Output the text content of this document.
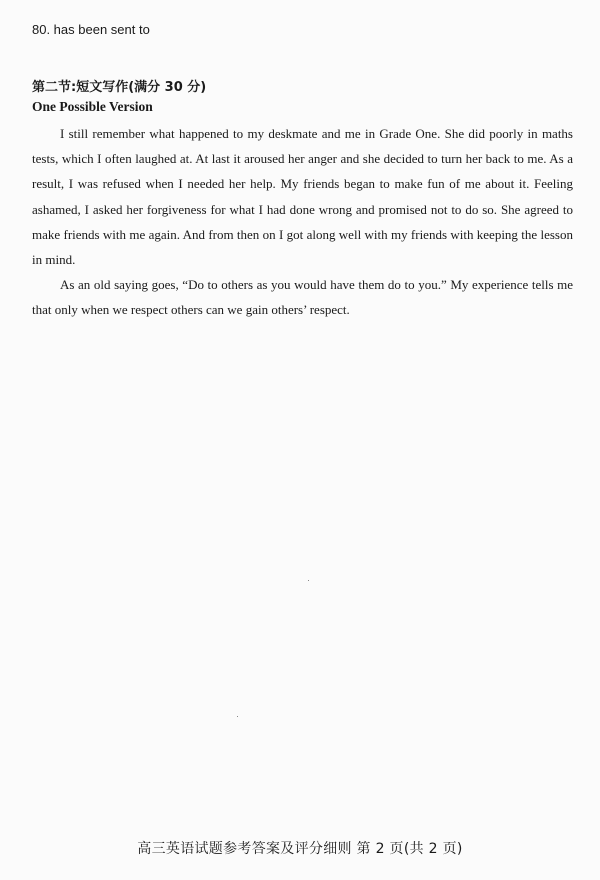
80. has been sent to
第二节:短文写作(满分 30 分)
One Possible Version

I still remember what happened to my deskmate and me in Grade One. She did poorly in maths tests, which I often laughed at. At last it aroused her anger and she decided to turn her back to me. As a result, I was refused when I needed her help. My friends began to make fun of me about it. Feeling ashamed, I asked her forgiveness for what I had done wrong and promised not to do so. She agreed to make friends with me again. And from then on I got along well with my friends with keeping the lesson in mind.

As an old saying goes, “Do to others as you would have them do to you.” My experience tells me that only when we respect others can we gain others’ respect.

高三英语试题参考答案及评分细则 第 2 页(共 2 页)
